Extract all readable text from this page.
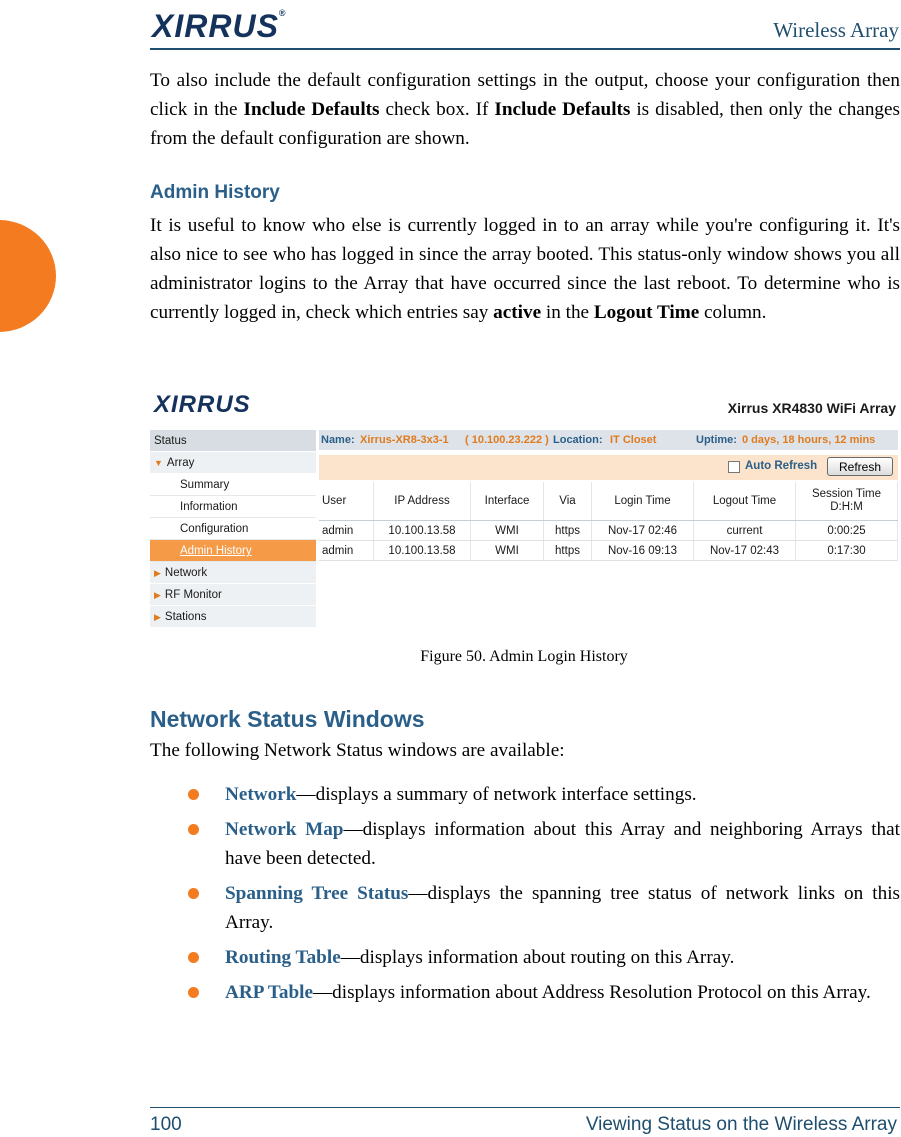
XIRRUS®
Wireless Array
To also include the default configuration settings in the output, choose your configuration then click in the Include Defaults check box. If Include Defaults is disabled, then only the changes from the default configuration are shown.
Admin History
It is useful to know who else is currently logged in to an array while you're configuring it. It's also nice to see who has logged in since the array booted. This status-only window shows you all administrator logins to the Array that have occurred since the last reboot. To determine who is currently logged in, check which entries say active in the Logout Time column.
XIRRUS	Xirrus XR4830 WiFi Array
Status
▼ Array
Summary
Information
Configuration
Admin History
▶ Network
▶ RF Monitor
▶ Stations
Name: Xirrus-XR8-3x3-1 ( 10.100.23.222 ) Location: IT Closet	Uptime: 0 days, 18 hours, 12 mins
Auto Refresh	Refresh
User	IP Address	Interface	Via	Login Time	Logout Time	Session Time
D:H:M
admin	10.100.13.58	WMI	https	Nov-17 02:46	current	0:00:25
admin	10.100.13.58	WMI	https	Nov-16 09:13	Nov-17 02:43	0:17:30
Figure 50. Admin Login History
Network Status Windows
The following Network Status windows are available:
Network—displays a summary of network interface settings.
Network Map—displays information about this Array and neighboring Arrays that have been detected.
Spanning Tree Status—displays the spanning tree status of network links on this Array.
Routing Table—displays information about routing on this Array.
ARP Table—displays information about Address Resolution Protocol on this Array.
100	Viewing Status on the Wireless Array
